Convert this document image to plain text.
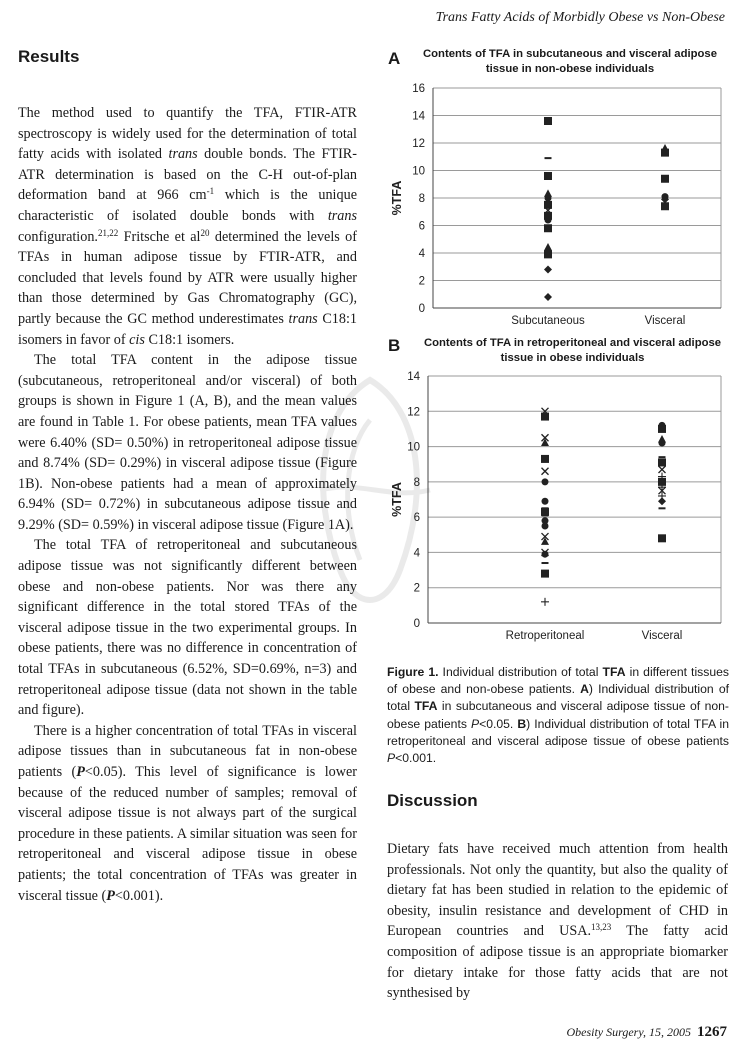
Trans Fatty Acids of Morbidly Obese vs Non-Obese
Results

The method used to quantify the TFA, FTIR-ATR spectroscopy is widely used for the determination of total fatty acids with isolated trans double bonds. The FTIR-ATR determination is based on the C-H out-of-plan deformation band at 966 $cm^{-1}$ which is the unique characteristic of isolated double bonds with trans configuration.$^{21,22}$ Fritsche et $al^{20}$ determined the levels of TFAs in human adipose tissue by FTIR-ATR, and concluded that levels found by ATR were usually higher than those determined by Gas Chromatography (GC), partly because the GC method underestimates trans C18:1 isomers in favor of cis C18:1 isomers.

The total TFA content in the adipose tissue (subcutaneous, retroperitoneal and/or visceral) of both groups is shown in Figure 1 (A, B), and the mean values are found in Table 1. For obese patients, mean TFA values were 6.40% (SD= 0.50%) in retroperitoneal adipose tissue and 8.74% (SD= 0.29%) in visceral adipose tissue (Figure 1B). Non-obese patients had a mean of approximately 6.94% (SD= 0.72%) in subcutaneous adipose tissue and 9.29% (SD= 0.59%) in visceral adipose tissue (Figure 1A).

The total TFA of retroperitoneal and subcutaneous adipose tissue was not significantly different between obese and non-obese patients. Nor was there any significant difference in the total stored TFAs of the visceral adipose tissue in the two experimental groups. In obese patients, there was no difference in concentration of total TFAs in subcutaneous (6.52%, SD=0.69%, n=3) and retroperitoneal adipose tissue (data not shown in the table and figure).

There is a higher concentration of total TFAs in visceral adipose tissues than in subcutaneous fat in non-obese patients (P<0.05). This level of significance is lower because of the reduced number of samples; removal of visceral adipose tissue is not always part of the surgical procedure in these patients. A similar situation was seen for retroperitoneal and visceral adipose tissue in obese patients; the total concentration of TFAs was greater in visceral tissue (P<0.001).

A Contents of TFA in subcutaneous and visceral adipose tissue in non-obese individuals
0
2
4
6
8
10
12
14
16
%TFA
Subcutaneous	Visceral
B	Contents of TFA in retroperitoneal and visceral adipose tissue in obese individuals
0
2
4
6
8
10
12
14
%TFA
Retroperitoneal	Visceral
Figure 1. Individual distribution of total TFA in different tissues of obese and non-obese patients. A) Individual distribution of total TFA in subcutaneous and visceral adipose tissue of non-obese patients P<0.05. B) Individual distribution of total TFA in retroperitoneal and visceral adipose tissue of obese patients P<0.001.
Discussion

Dietary fats have received much attention from health professionals. Not only the quantity, but also the quality of dietary fat has been studied in relation to the epidemic of obesity, insulin resistance and development of CHD in European countries and USA.$^{13,23}$ The fatty acid composition of adipose tissue is an appropriate biomarker for dietary intake for those fatty acids that are not synthesised by

Obesity Surgery, 15, 2005 1267
